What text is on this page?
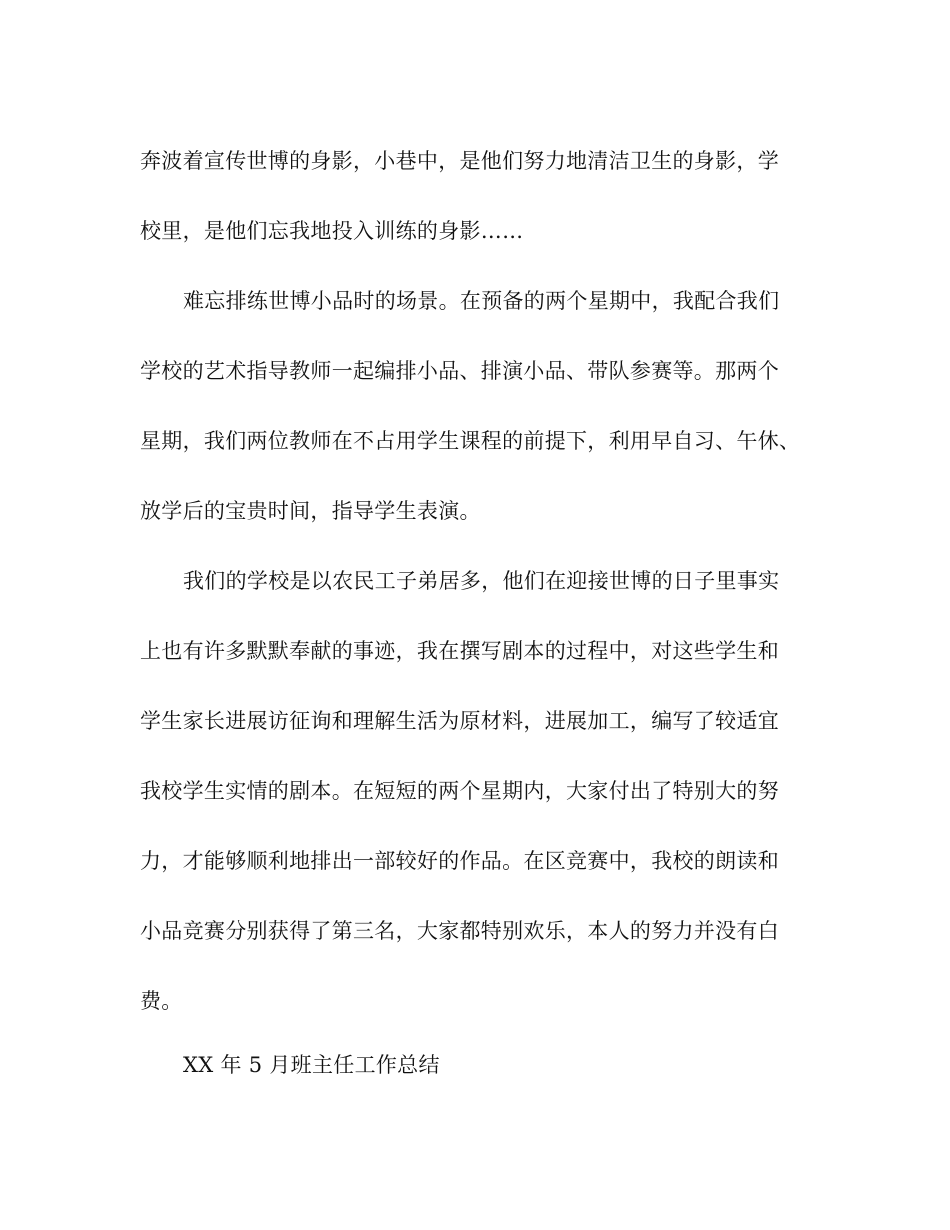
奔波着宣传世博的身影，小巷中，是他们努力地清洁卫生的身影，学
校里，是他们忘我地投入训练的身影……
难忘排练世博小品时的场景。在预备的两个星期中，我配合我们
学校的艺术指导教师一起编排小品、排演小品、带队参赛等。那两个
星期，我们两位教师在不占用学生课程的前提下，利用早自习、午休、
放学后的宝贵时间，指导学生表演。
我们的学校是以农民工子弟居多，他们在迎接世博的日子里事实
上也有许多默默奉献的事迹，我在撰写剧本的过程中，对这些学生和
学生家长进展访征询和理解生活为原材料，进展加工，编写了较适宜
我校学生实情的剧本。在短短的两个星期内，大家付出了特别大的努
力，才能够顺利地排出一部较好的作品。在区竞赛中，我校的朗读和
小品竞赛分别获得了第三名，大家都特别欢乐，本人的努力并没有白
费。
XX 年 5 月班主任工作总结
